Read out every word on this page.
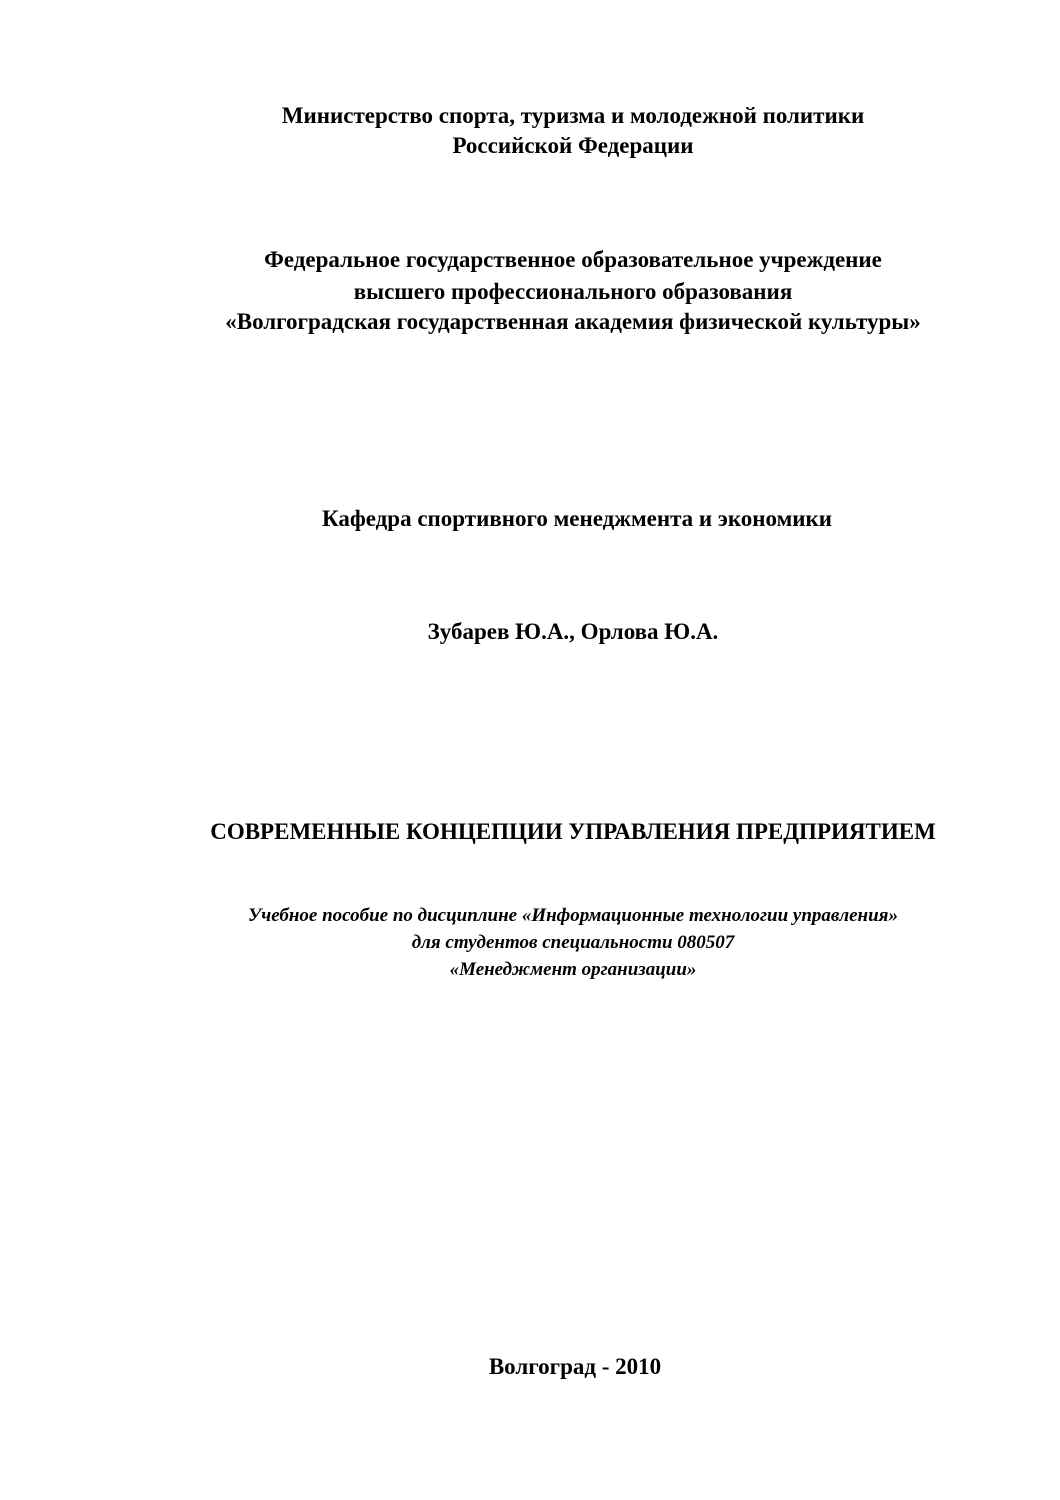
Министерство спорта, туризма и молодежной политики
Российской Федерации
Федеральное государственное образовательное учреждение
высшего профессионального образования
«Волгоградская государственная академия физической культуры»
Кафедра спортивного менеджмента и экономики
Зубарев Ю.А., Орлова Ю.А.
СОВРЕМЕННЫЕ КОНЦЕПЦИИ УПРАВЛЕНИЯ ПРЕДПРИЯТИЕМ
Учебное пособие по дисциплине «Информационные технологии управления»
для студентов специальности 080507
«Менеджмент организации»
Волгоград - 2010
